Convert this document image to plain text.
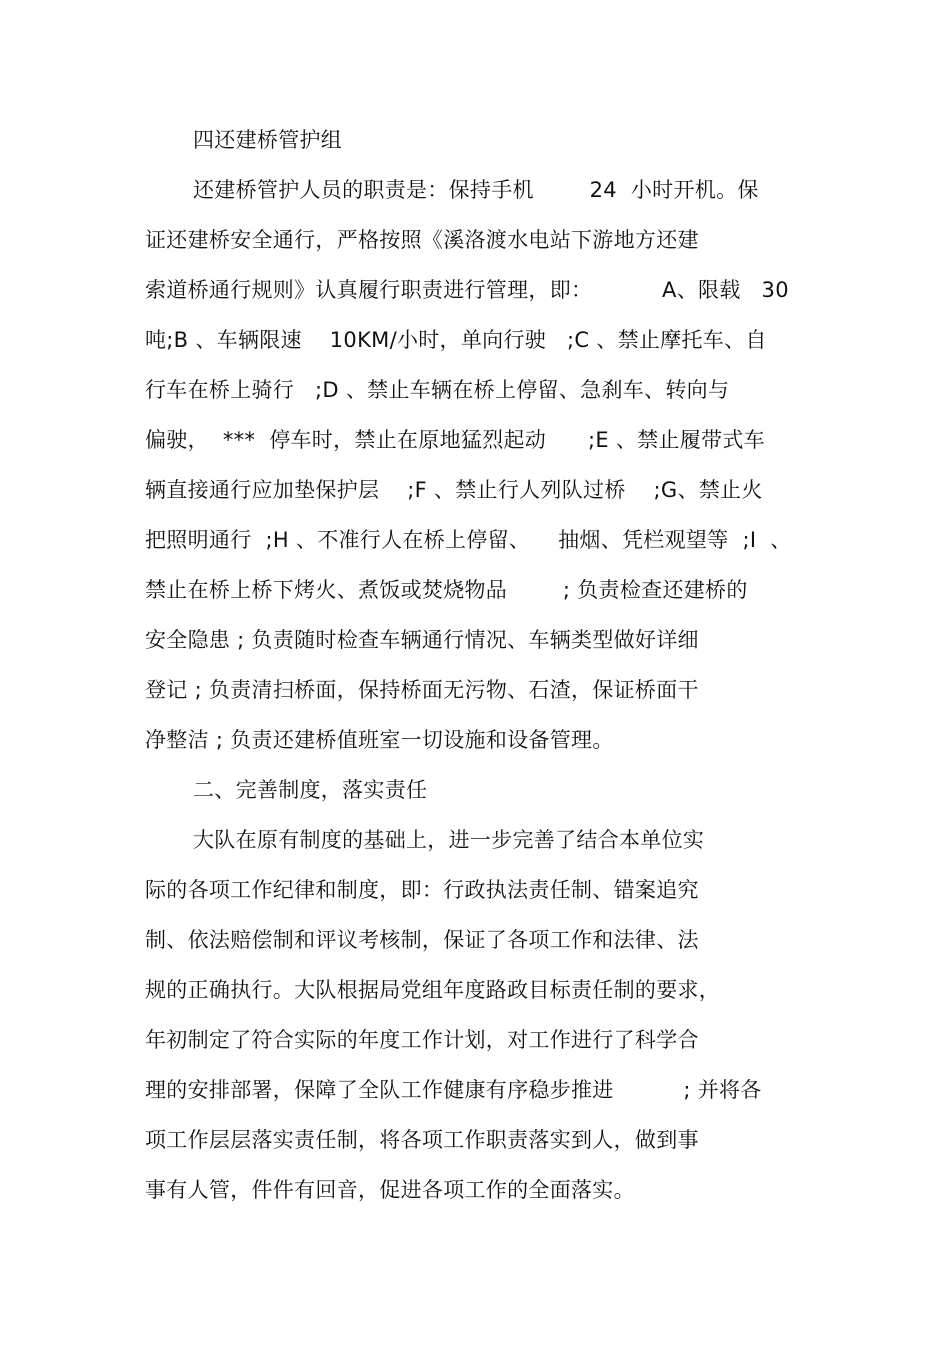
四还建桥管护组
还建桥管护人员的职责是：保持手机        24  小时开机。保
证还建桥安全通行，严格按照《溪洛渡水电站下游地方还建
索道桥通行规则》认真履行职责进行管理，即：          A、限载   30
吨;B 、车辆限速    10KM/小时，单向行驶   ;C 、禁止摩托车、自
行车在桥上骑行   ;D 、禁止车辆在桥上停留、急刹车、转向与
偏驶，  ***  停车时，禁止在原地猛烈起动      ;E 、禁止履带式车
辆直接通行应加垫保护层    ;F 、禁止行人列队过桥    ;G、禁止火
把照明通行  ;H 、不准行人在桥上停留、    抽烟、凭栏观望等  ;I  、
禁止在桥上桥下烤火、煮饭或焚烧物品        ; 负责检查还建桥的
安全隐患 ; 负责随时检查车辆通行情况、车辆类型做好详细
登记 ; 负责清扫桥面，保持桥面无污物、石渣，保证桥面干
净整洁 ; 负责还建桥值班室一切设施和设备管理。
二、完善制度，落实责任
大队在原有制度的基础上，进一步完善了结合本单位实
际的各项工作纪律和制度，即：行政执法责任制、错案追究
制、依法赔偿制和评议考核制，保证了各项工作和法律、法
规的正确执行。大队根据局党组年度路政目标责任制的要求，
年初制定了符合实际的年度工作计划，对工作进行了科学合
理的安排部署，保障了全队工作健康有序稳步推进          ; 并将各
项工作层层落实责任制，将各项工作职责落实到人，做到事
事有人管，件件有回音，促进各项工作的全面落实。
